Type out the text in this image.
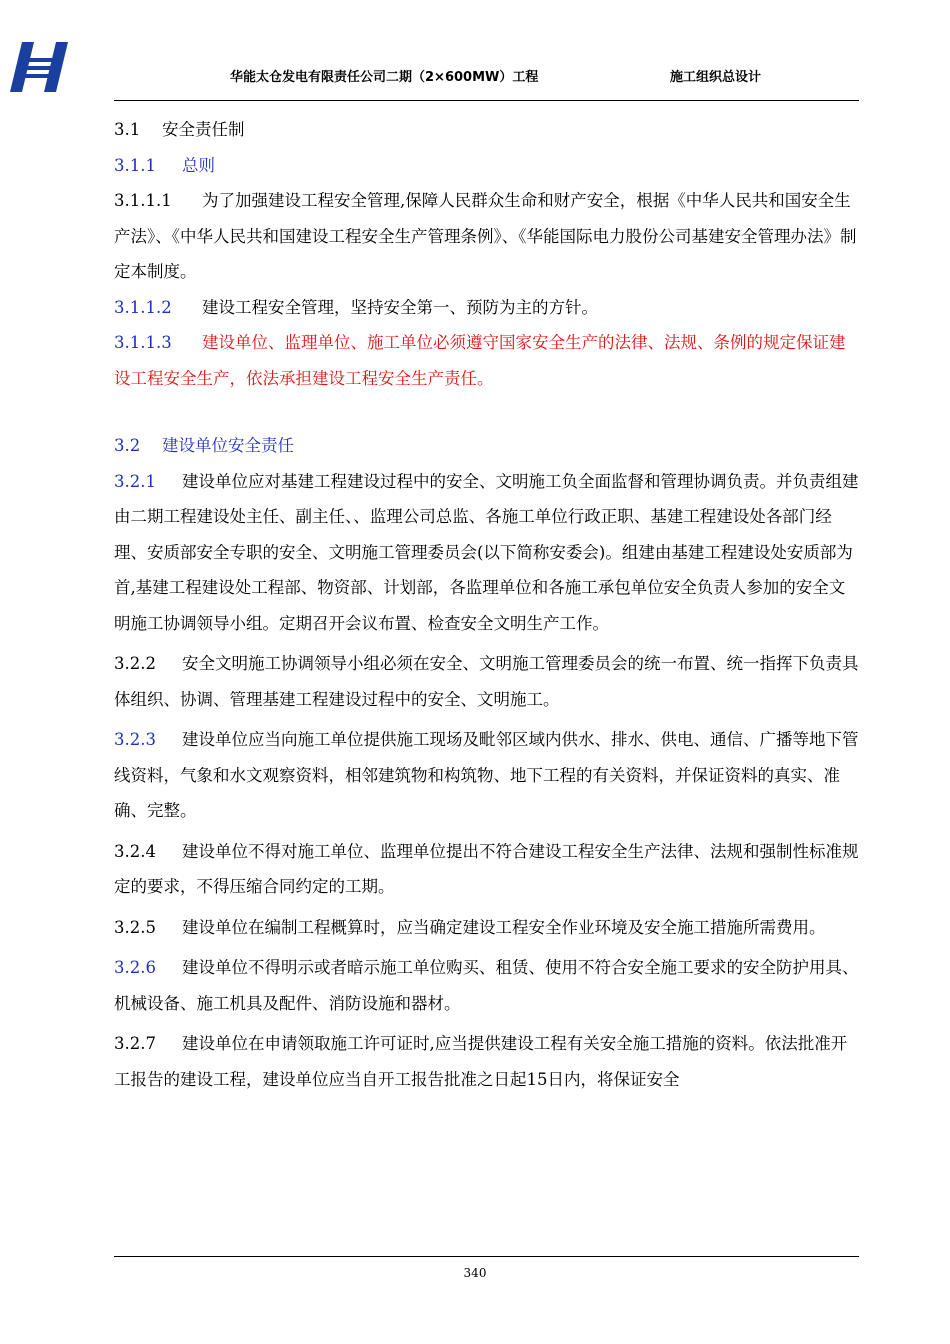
华能太仓发电有限责任公司二期（2×600MW）工程	施工组织总设计

3.1 安全责任制

3.1.1 总则

3.1.1.1 为了加强建设工程安全管理,保障人民群众生命和财产安全，根据《中华人民共和国安全生产法》、《中华人民共和国建设工程安全生产管理条例》、《华能国际电力股份公司基建安全管理办法》制定本制度。

3.1.1.2 建设工程安全管理，坚持安全第一、预防为主的方针。

3.1.1.3 建设单位、监理单位、施工单位必须遵守国家安全生产的法律、法规、条例的规定保证建设工程安全生产，依法承担建设工程安全生产责任。

3.2 建设单位安全责任

3.2.1 建设单位应对基建工程建设过程中的安全、文明施工负全面监督和管理协调负责。并负责组建由二期工程建设处主任、副主任、、监理公司总监、各施工单位行政正职、基建工程建设处各部门经理、安质部安全专职的安全、文明施工管理委员会(以下简称安委会)。组建由基建工程建设处安质部为首,基建工程建设处工程部、物资部、计划部，各监理单位和各施工承包单位安全负责人参加的安全文明施工协调领导小组。定期召开会议布置、检查安全文明生产工作。

3.2.2 安全文明施工协调领导小组必须在安全、文明施工管理委员会的统一布置、统一指挥下负责具体组织、协调、管理基建工程建设过程中的安全、文明施工。

3.2.3 建设单位应当向施工单位提供施工现场及毗邻区域内供水、排水、供电、通信、广播等地下管线资料，气象和水文观察资料，相邻建筑物和构筑物、地下工程的有关资料，并保证资料的真实、准确、完整。

3.2.4 建设单位不得对施工单位、监理单位提出不符合建设工程安全生产法律、法规和强制性标准规定的要求，不得压缩合同约定的工期。

3.2.5 建设单位在编制工程概算时，应当确定建设工程安全作业环境及安全施工措施所需费用。

3.2.6 建设单位不得明示或者暗示施工单位购买、租赁、使用不符合安全施工要求的安全防护用具、机械设备、施工机具及配件、消防设施和器材。

3.2.7 建设单位在申请领取施工许可证时,应当提供建设工程有关安全施工措施的资料。依法批准开工报告的建设工程，建设单位应当自开工报告批准之日起15日内，将保证安全

340
